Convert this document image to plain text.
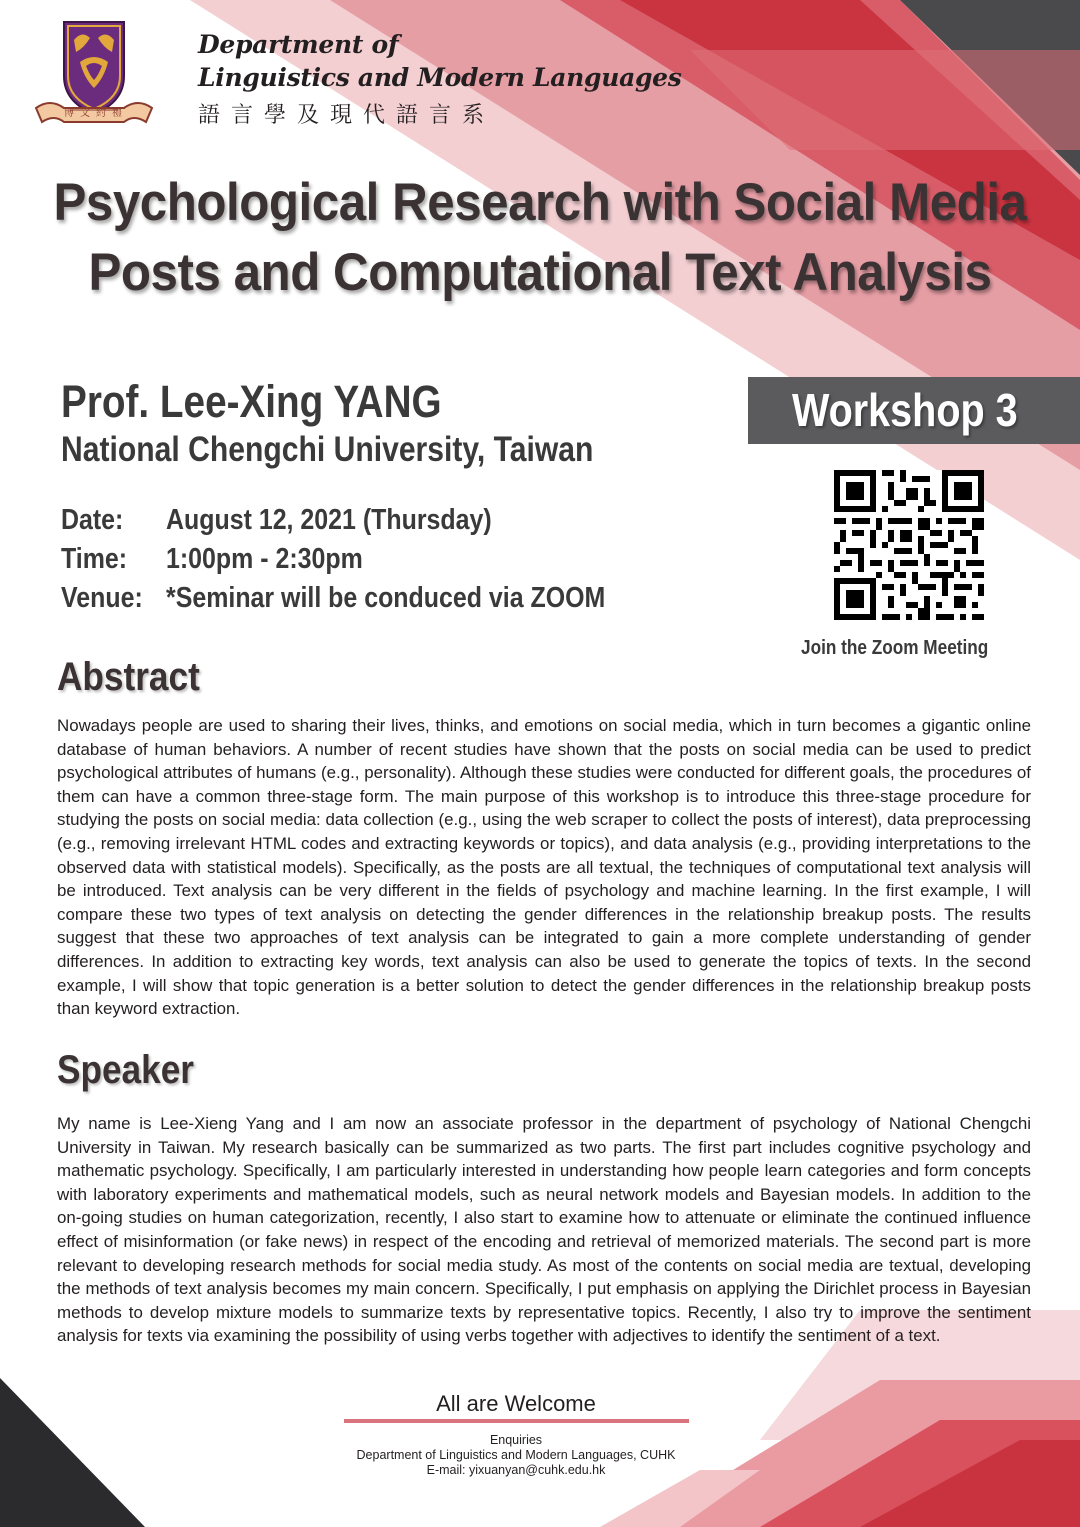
博文約禮
Department of
Linguistics and Modern Languages
語言學及現代語言系
Psychological Research with Social Media
Posts and Computational Text Analysis
Prof. Lee-Xing YANG
National Chengchi University, Taiwan
Date: August 12, 2021 (Thursday)
Time: 1:00pm - 2:30pm
Venue: *Seminar will be conduced via ZOOM
Workshop 3
Join the Zoom Meeting
Abstract

Nowadays people are used to sharing their lives, thinks, and emotions on social media, which in turn becomes a gigantic online database of human behaviors. A number of recent studies have shown that the posts on social media can be used to predict psychological attributes of humans (e.g., personality). Although these studies were conducted for different goals, the procedures of them can have a common three-stage form. The main purpose of this workshop is to introduce this three-stage procedure for studying the posts on social media: data collection (e.g., using the web scraper to collect the posts of interest), data preprocessing (e.g., removing irrelevant HTML codes and extracting keywords or topics), and data analysis (e.g., providing interpretations to the observed data with statistical models). Specifically, as the posts are all textual, the techniques of computational text analysis will be introduced. Text analysis can be very different in the fields of psychology and machine learning. In the first example, I will compare these two types of text analysis on detecting the gender differences in the relationship breakup posts. The results suggest that these two approaches of text analysis can be integrated to gain a more complete understanding of gender differences. In addition to extracting key words, text analysis can also be used to generate the topics of texts. In the second example, I will show that topic generation is a better solution to detect the gender differences in the relationship breakup posts than keyword extraction.

Speaker

My name is Lee-Xieng Yang and I am now an associate professor in the department of psychology of National Chengchi University in Taiwan. My research basically can be summarized as two parts. The first part includes cognitive psychology and mathematic psychology. Specifically, I am particularly interested in understanding how people learn categories and form concepts with laboratory experiments and mathematical models, such as neural network models and Bayesian models. In addition to the on-going studies on human categorization, recently, I also start to examine how to attenuate or eliminate the continued influence effect of misinformation (or fake news) in respect of the encoding and retrieval of memorized materials. The second part is more relevant to developing research methods for social media study. As most of the contents on social media are textual, developing the methods of text analysis becomes my main concern. Specifically, I put emphasis on applying the Dirichlet process in Bayesian methods to develop mixture models to summarize texts by representative topics. Recently, I also try to improve the sentiment analysis for texts via examining the possibility of using verbs together with adjectives to identify the sentiment of a text.

All are Welcome
Enquiries
Department of Linguistics and Modern Languages, CUHK
E-mail: yixuanyan@cuhk.edu.hk
